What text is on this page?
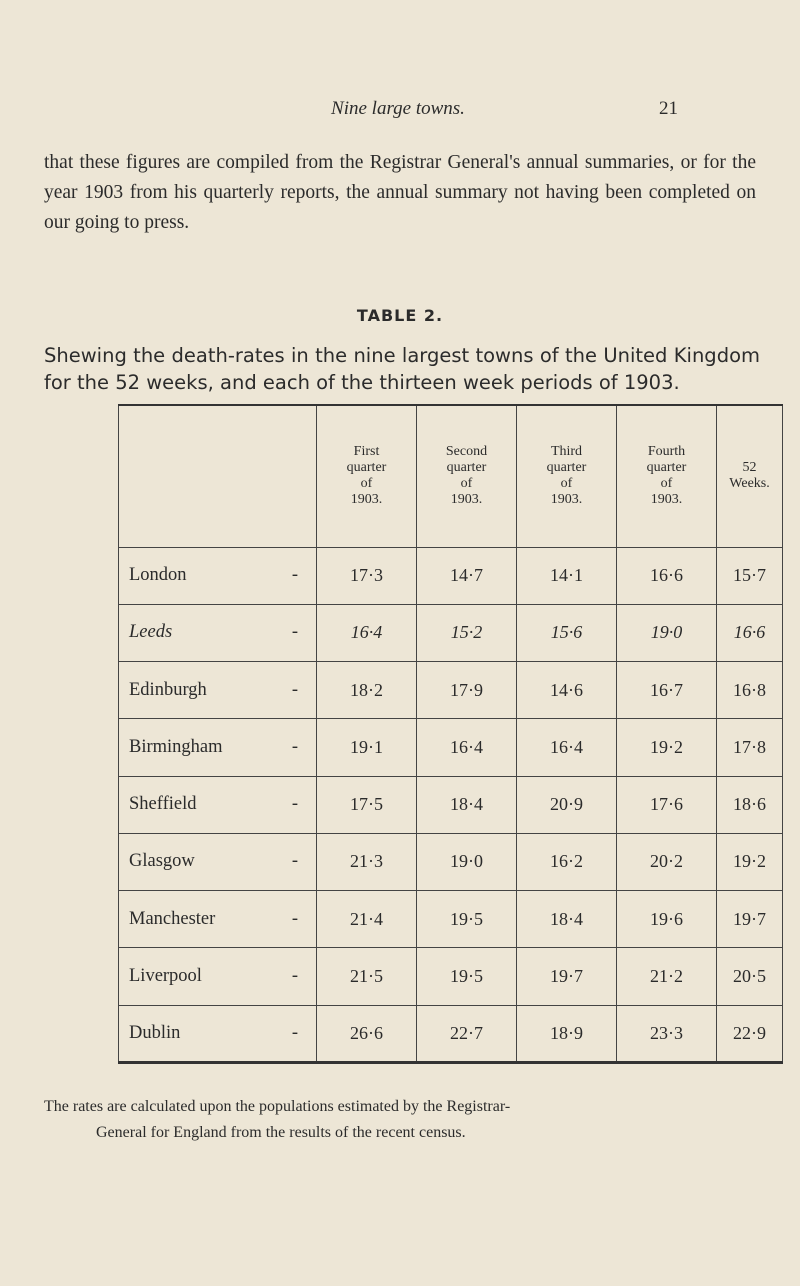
Nine large towns.	21

that these figures are compiled from the Registrar General's annual summaries, or for the year 1903 from his quarterly reports, the annual summary not having been completed on our going to press.

TABLE 2.

Shewing the death-rates in the nine largest towns of the United Kingdom for the 52 weeks, and each of the thirteen week periods of 1903.

	First
quarter
of
1903.	Second
quarter
of
1903.	Third
quarter
of
1903.	Fourth
quarter
of
1903.	52
Weeks.
London -	17·3	14·7	14·1	16·6	15·7
Leeds -	16·4	15·2	15·6	19·0	16·6
Edinburgh -	18·2	17·9	14·6	16·7	16·8
Birmingham -	19·1	16·4	16·4	19·2	17·8
Sheffield -	17·5	18·4	20·9	17·6	18·6
Glasgow -	21·3	19·0	16·2	20·2	19·2
Manchester -	21·4	19·5	18·4	19·6	19·7
Liverpool -	21·5	19·5	19·7	21·2	20·5
Dublin -	26·6	22·7	18·9	23·3	22·9
The rates are calculated upon the populations estimated by the Registrar-
General for England from the results of the recent census.
